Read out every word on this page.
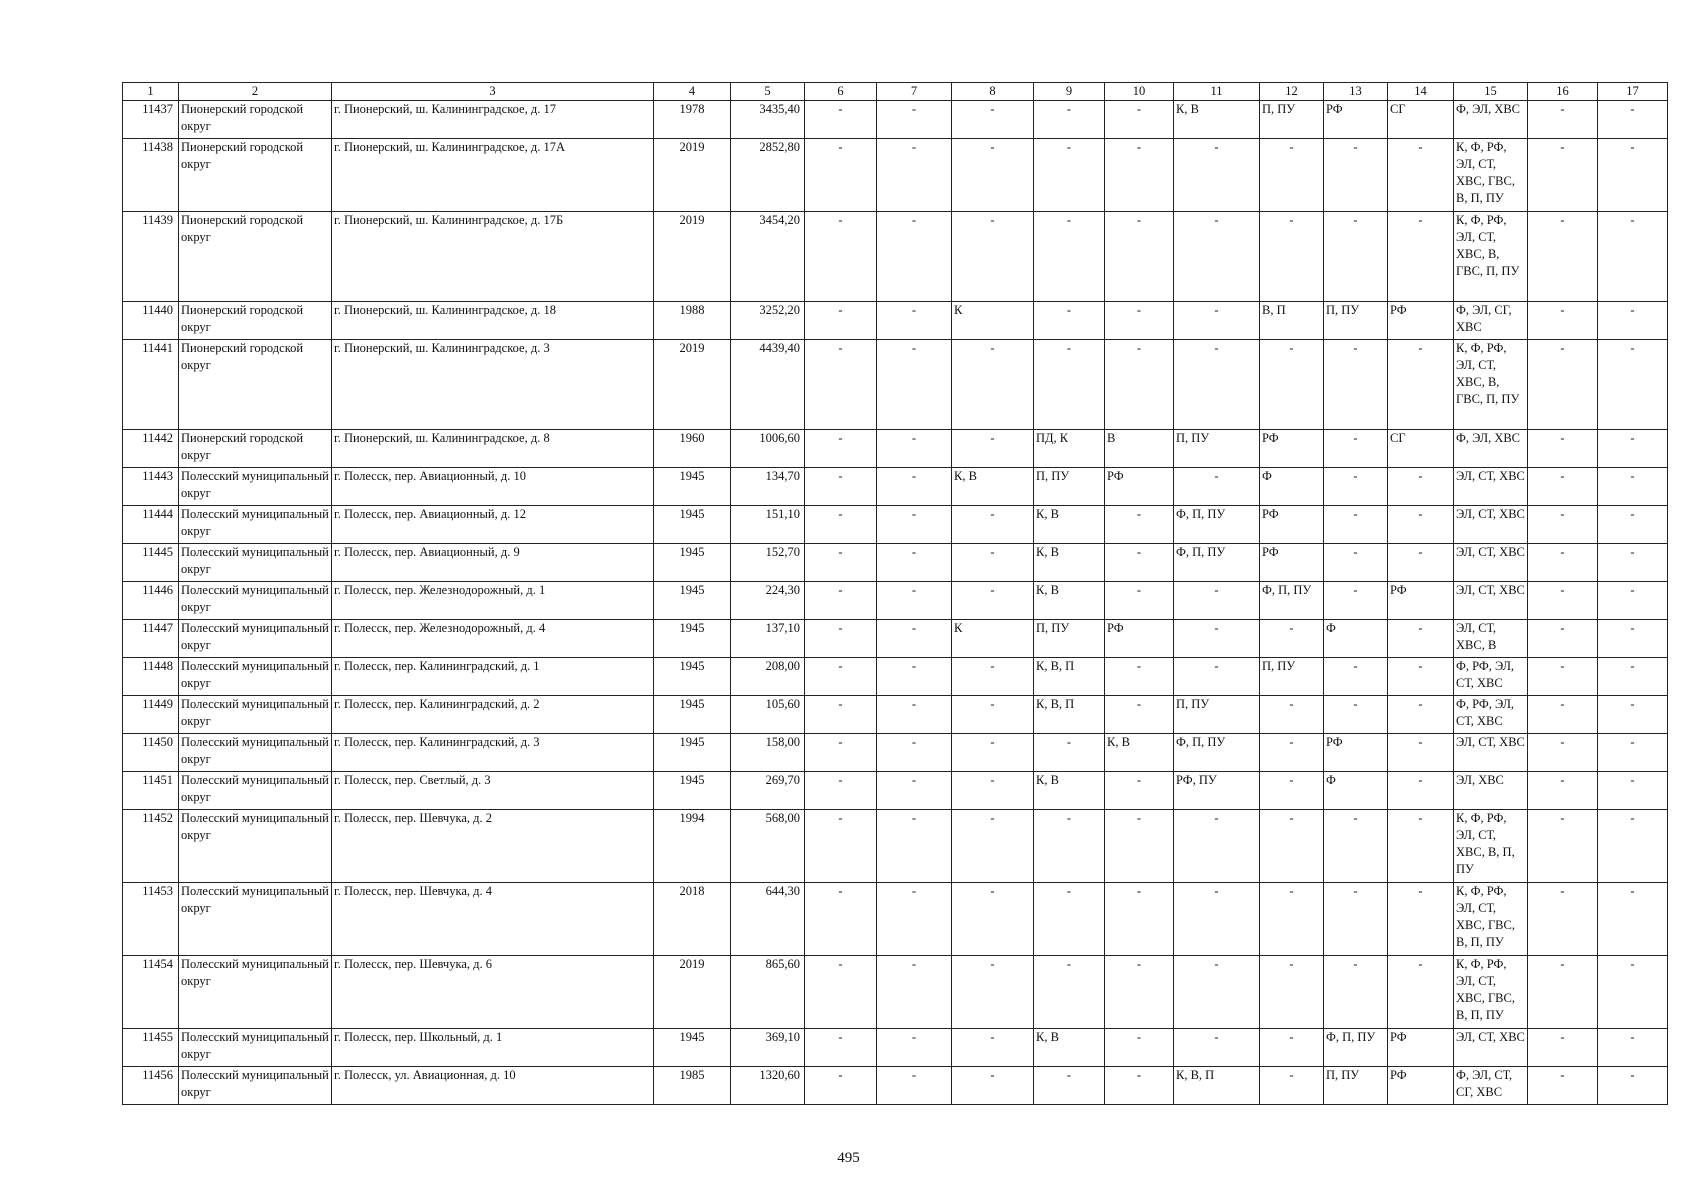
1	2	3	4	5	6	7	8	9	10	11	12	13	14	15	16	17
11437	Пионерский городской округ	г. Пионерский, ш. Калининградское, д. 17	1978	3435,40	-	-	-	-	-	К, В	П, ПУ	РФ	СГ	Ф, ЭЛ, ХВС	-	-
11438	Пионерский городской округ	г. Пионерский, ш. Калининградское, д. 17А	2019	2852,80	-	-	-	-	-	-	-	-	-	К, Ф, РФ, ЭЛ, СТ, ХВС, ГВС, В, П, ПУ	-	-
11439	Пионерский городской округ	г. Пионерский, ш. Калининградское, д. 17Б	2019	3454,20	-	-	-	-	-	-	-	-	-	К, Ф, РФ, ЭЛ, СТ, ХВС, В, ГВС, П, ПУ	-	-
11440	Пионерский городской округ	г. Пионерский, ш. Калининградское, д. 18	1988	3252,20	-	-	К	-	-	-	В, П	П, ПУ	РФ	Ф, ЭЛ, СГ, ХВС	-	-
11441	Пионерский городской округ	г. Пионерский, ш. Калининградское, д. 3	2019	4439,40	-	-	-	-	-	-	-	-	-	К, Ф, РФ, ЭЛ, СТ, ХВС, В, ГВС, П, ПУ	-	-
11442	Пионерский городской округ	г. Пионерский, ш. Калининградское, д. 8	1960	1006,60	-	-	-	ПД, К	В	П, ПУ	РФ	-	СГ	Ф, ЭЛ, ХВС	-	-
11443	Полесский муниципальный округ	г. Полесск, пер. Авиационный, д. 10	1945	134,70	-	-	К, В	П, ПУ	РФ	-	Ф	-	-	ЭЛ, СТ, ХВС	-	-
11444	Полесский муниципальный округ	г. Полесск, пер. Авиационный, д. 12	1945	151,10	-	-	-	К, В	-	Ф, П, ПУ	РФ	-	-	ЭЛ, СТ, ХВС	-	-
11445	Полесский муниципальный округ	г. Полесск, пер. Авиационный, д. 9	1945	152,70	-	-	-	К, В	-	Ф, П, ПУ	РФ	-	-	ЭЛ, СТ, ХВС	-	-
11446	Полесский муниципальный округ	г. Полесск, пер. Железнодорожный, д. 1	1945	224,30	-	-	-	К, В	-	-	Ф, П, ПУ	-	РФ	ЭЛ, СТ, ХВС	-	-
11447	Полесский муниципальный округ	г. Полесск, пер. Железнодорожный, д. 4	1945	137,10	-	-	К	П, ПУ	РФ	-	-	Ф	-	ЭЛ, СТ, ХВС, В	-	-
11448	Полесский муниципальный округ	г. Полесск, пер. Калининградский, д. 1	1945	208,00	-	-	-	К, В, П	-	-	П, ПУ	-	-	Ф, РФ, ЭЛ, СТ, ХВС	-	-
11449	Полесский муниципальный округ	г. Полесск, пер. Калининградский, д. 2	1945	105,60	-	-	-	К, В, П	-	П, ПУ	-	-	-	Ф, РФ, ЭЛ, СТ, ХВС	-	-
11450	Полесский муниципальный округ	г. Полесск, пер. Калининградский, д. 3	1945	158,00	-	-	-	-	К, В	Ф, П, ПУ	-	РФ	-	ЭЛ, СТ, ХВС	-	-
11451	Полесский муниципальный округ	г. Полесск, пер. Светлый, д. 3	1945	269,70	-	-	-	К, В	-	РФ, ПУ	-	Ф	-	ЭЛ, ХВС	-	-
11452	Полесский муниципальный округ	г. Полесск, пер. Шевчука, д. 2	1994	568,00	-	-	-	-	-	-	-	-	-	К, Ф, РФ, ЭЛ, СТ, ХВС, В, П, ПУ	-	-
11453	Полесский муниципальный округ	г. Полесск, пер. Шевчука, д. 4	2018	644,30	-	-	-	-	-	-	-	-	-	К, Ф, РФ, ЭЛ, СТ, ХВС, ГВС, В, П, ПУ	-	-
11454	Полесский муниципальный округ	г. Полесск, пер. Шевчука, д. 6	2019	865,60	-	-	-	-	-	-	-	-	-	К, Ф, РФ, ЭЛ, СТ, ХВС, ГВС, В, П, ПУ	-	-
11455	Полесский муниципальный округ	г. Полесск, пер. Школьный, д. 1	1945	369,10	-	-	-	К, В	-	-	-	Ф, П, ПУ	РФ	ЭЛ, СТ, ХВС	-	-
11456	Полесский муниципальный округ	г. Полесск, ул. Авиационная, д. 10	1985	1320,60	-	-	-	-	-	К, В, П	-	П, ПУ	РФ	Ф, ЭЛ, СТ, СГ, ХВС	-	-
495
